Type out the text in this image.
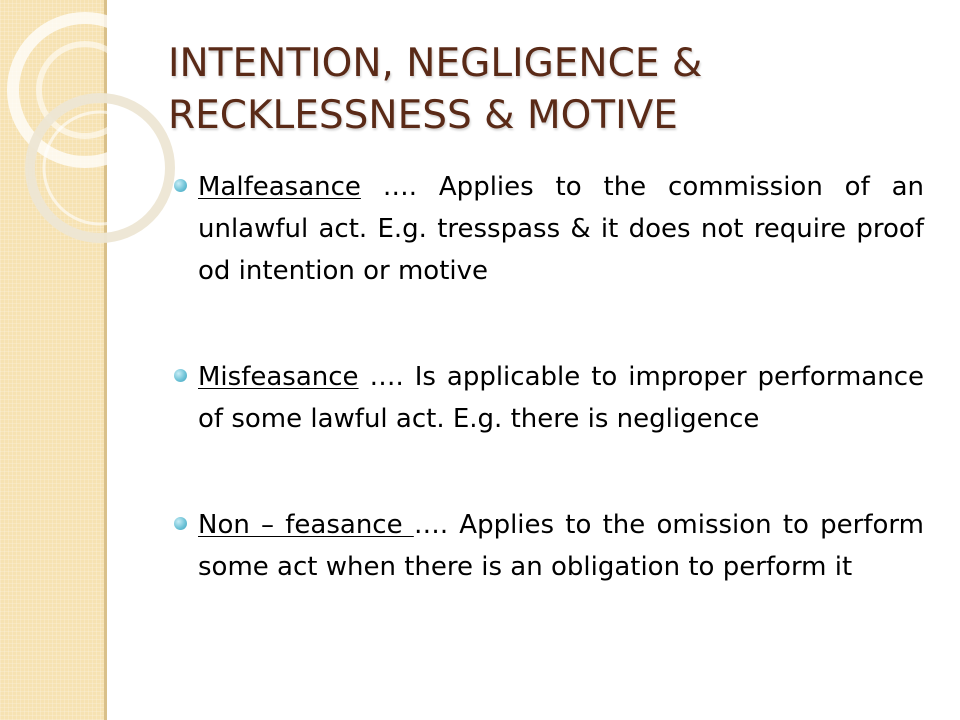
INTENTION, NEGLIGENCE &
RECKLESSNESS & MOTIVE
Malfeasance …. Applies to the commission of an unlawful act. E.g. tresspass & it does not require proof od intention or motive
Misfeasance …. Is applicable to improper performance of some lawful act. E.g. there is negligence
Non – feasance …. Applies to the omission to perform some act when there is an obligation to perform it
